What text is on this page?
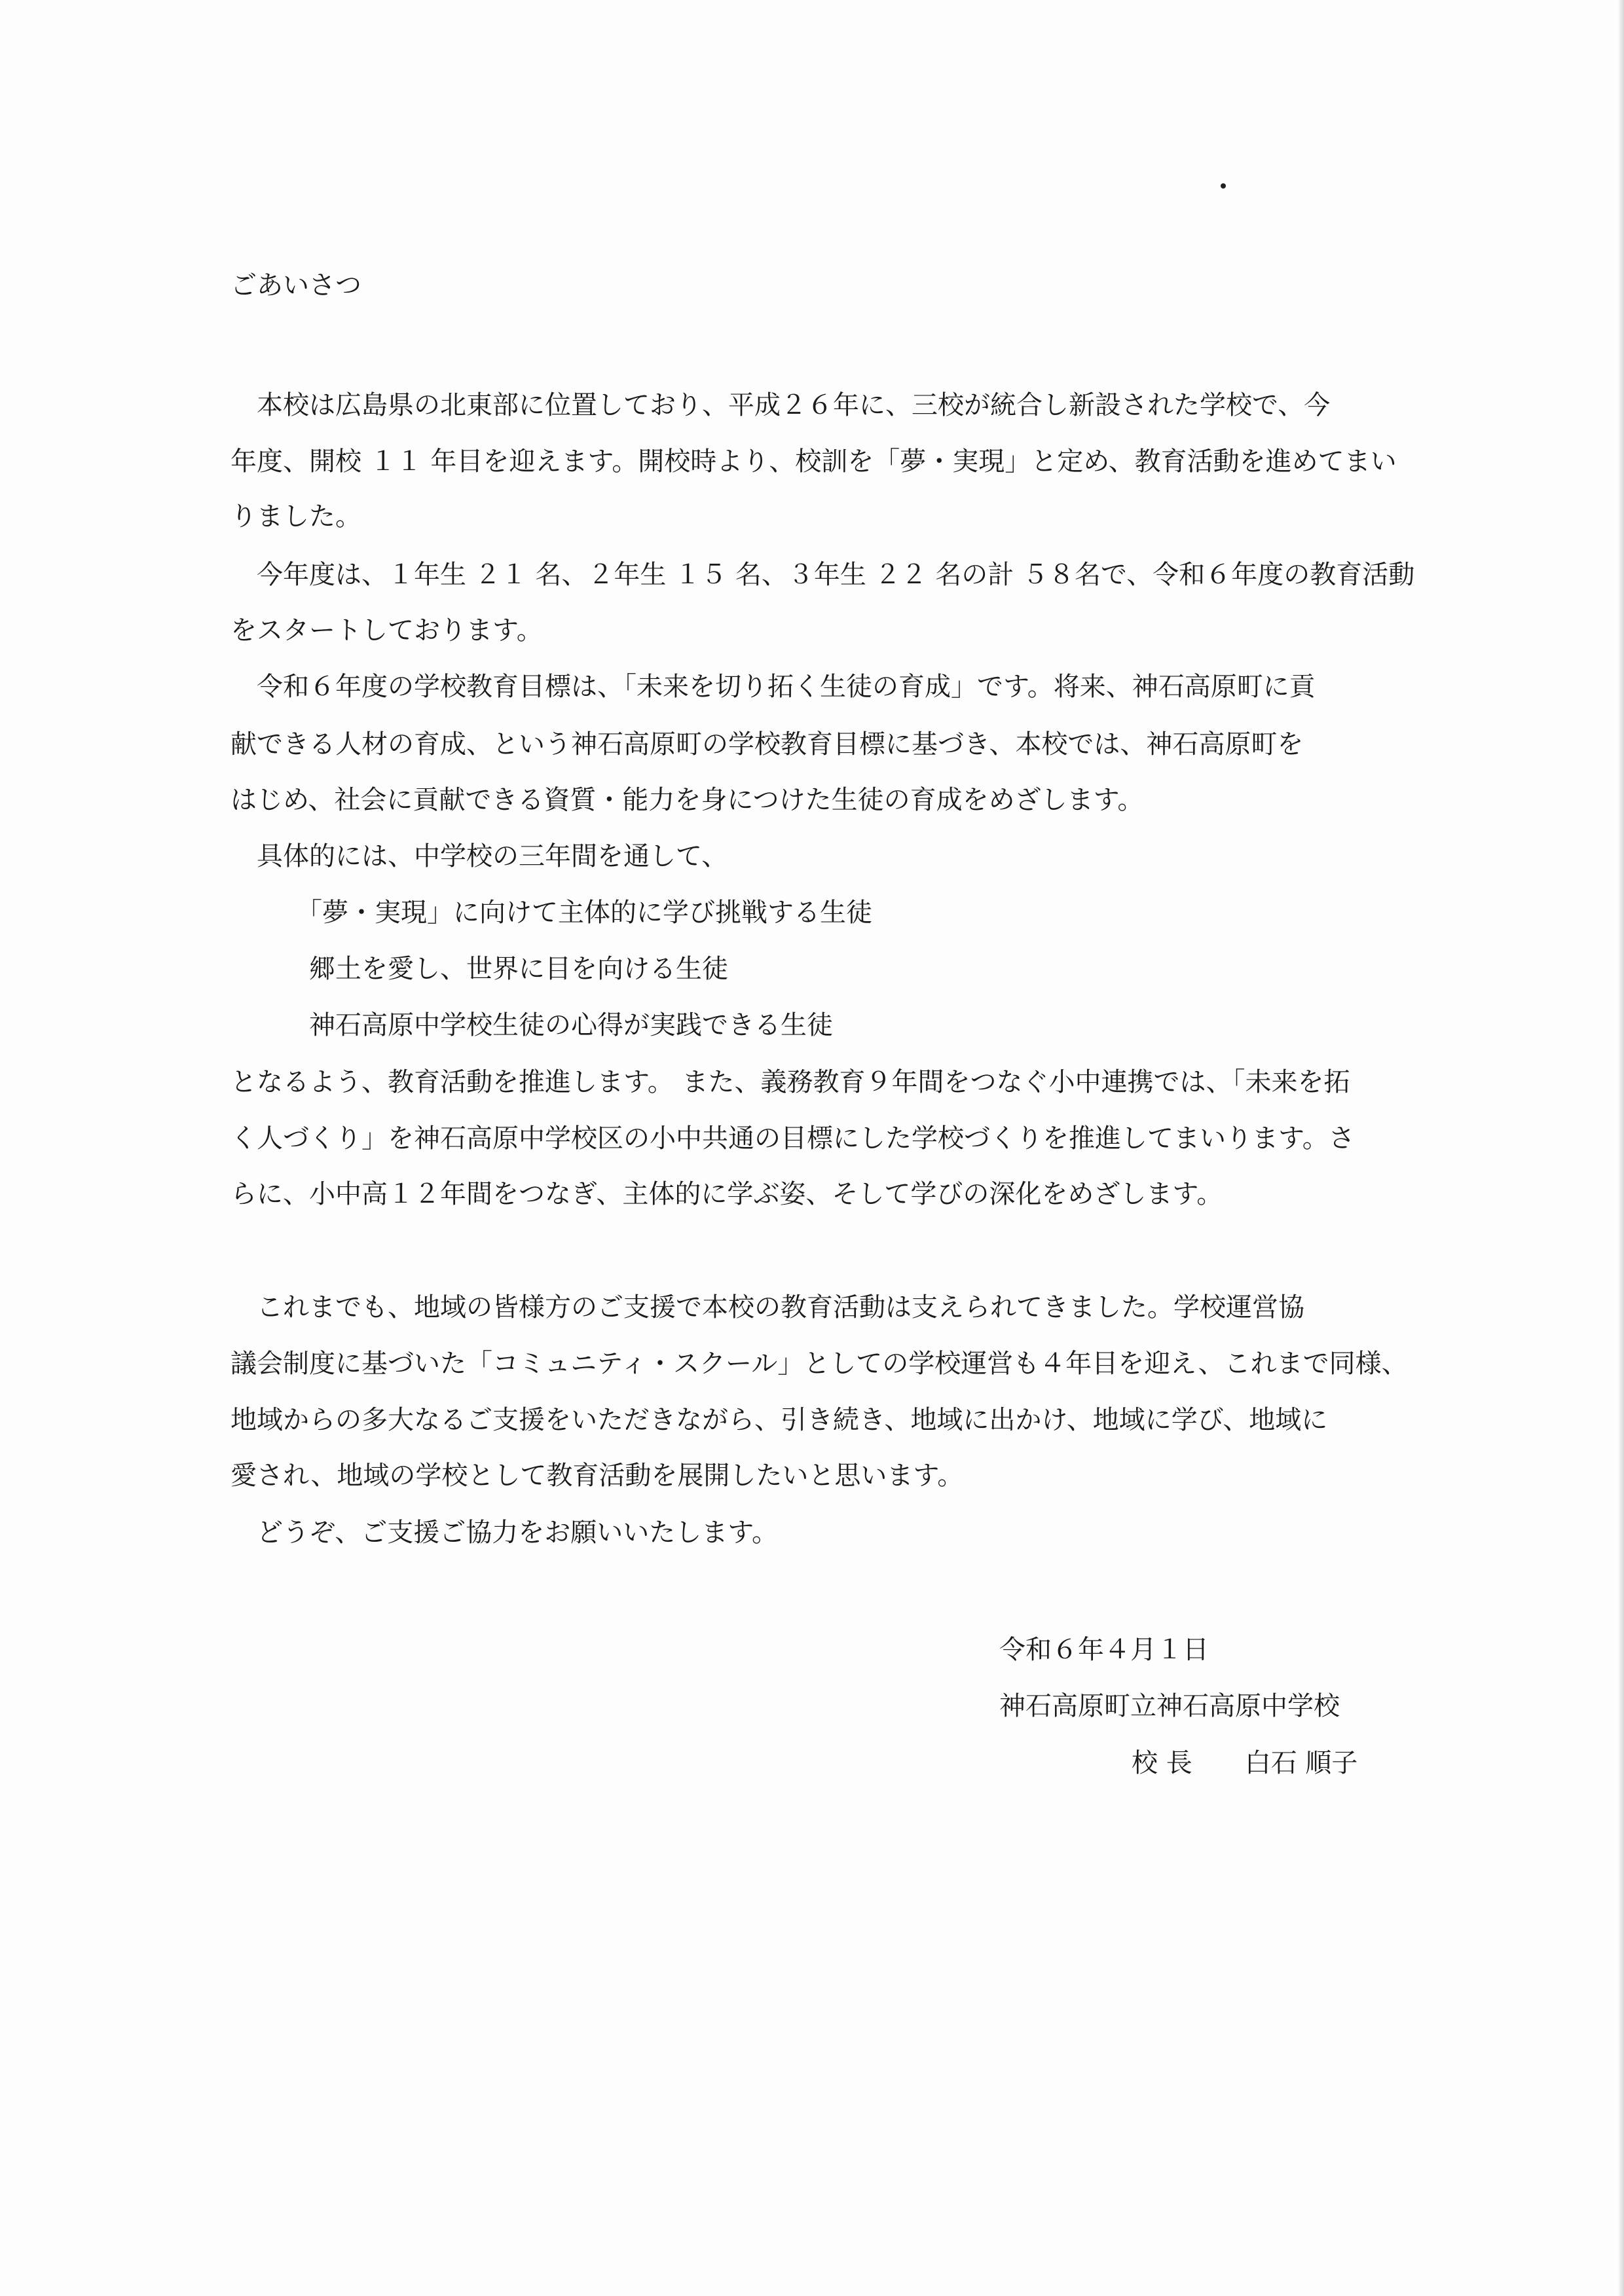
ごあいさつ

　本校は広島県の北東部に位置しており、平成２６年に、三校が統合し新設された学校で、今

年度、開校 １１ 年目を迎えます。開校時より、校訓を「夢・実現」と定め、教育活動を進めてまい

りました。

　今年度は、１年生 ２１ 名、２年生 １５ 名、３年生 ２２ 名の計 ５８名で、令和６年度の教育活動

をスタートしております。

　令和６年度の学校教育目標は、「未来を切り拓く生徒の育成」です。将来、神石高原町に貢

献できる人材の育成、という神石高原町の学校教育目標に基づき、本校では、神石高原町を

はじめ、社会に貢献できる資質・能力を身につけた生徒の育成をめざします。

　具体的には、中学校の三年間を通して、

　　　「夢・実現」に向けて主体的に学び挑戦する生徒

　　　郷土を愛し、世界に目を向ける生徒

　　　神石高原中学校生徒の心得が実践できる生徒

となるよう、教育活動を推進します。 また、義務教育９年間をつなぐ小中連携では、「未来を拓

く人づくり」を神石高原中学校区の小中共通の目標にした学校づくりを推進してまいります。さ

らに、小中高１２年間をつなぎ、主体的に学ぶ姿、そして学びの深化をめざします。

　これまでも、地域の皆様方のご支援で本校の教育活動は支えられてきました。学校運営協

議会制度に基づいた「コミュニティ・スクール」としての学校運営も４年目を迎え、これまで同様、

地域からの多大なるご支援をいただきながら、引き続き、地域に出かけ、地域に学び、地域に

愛され、地域の学校として教育活動を展開したいと思います。

　どうぞ、ご支援ご協力をお願いいたします。

令和６年４月１日

神石高原町立神石高原中学校

校 長　　白石 順子
